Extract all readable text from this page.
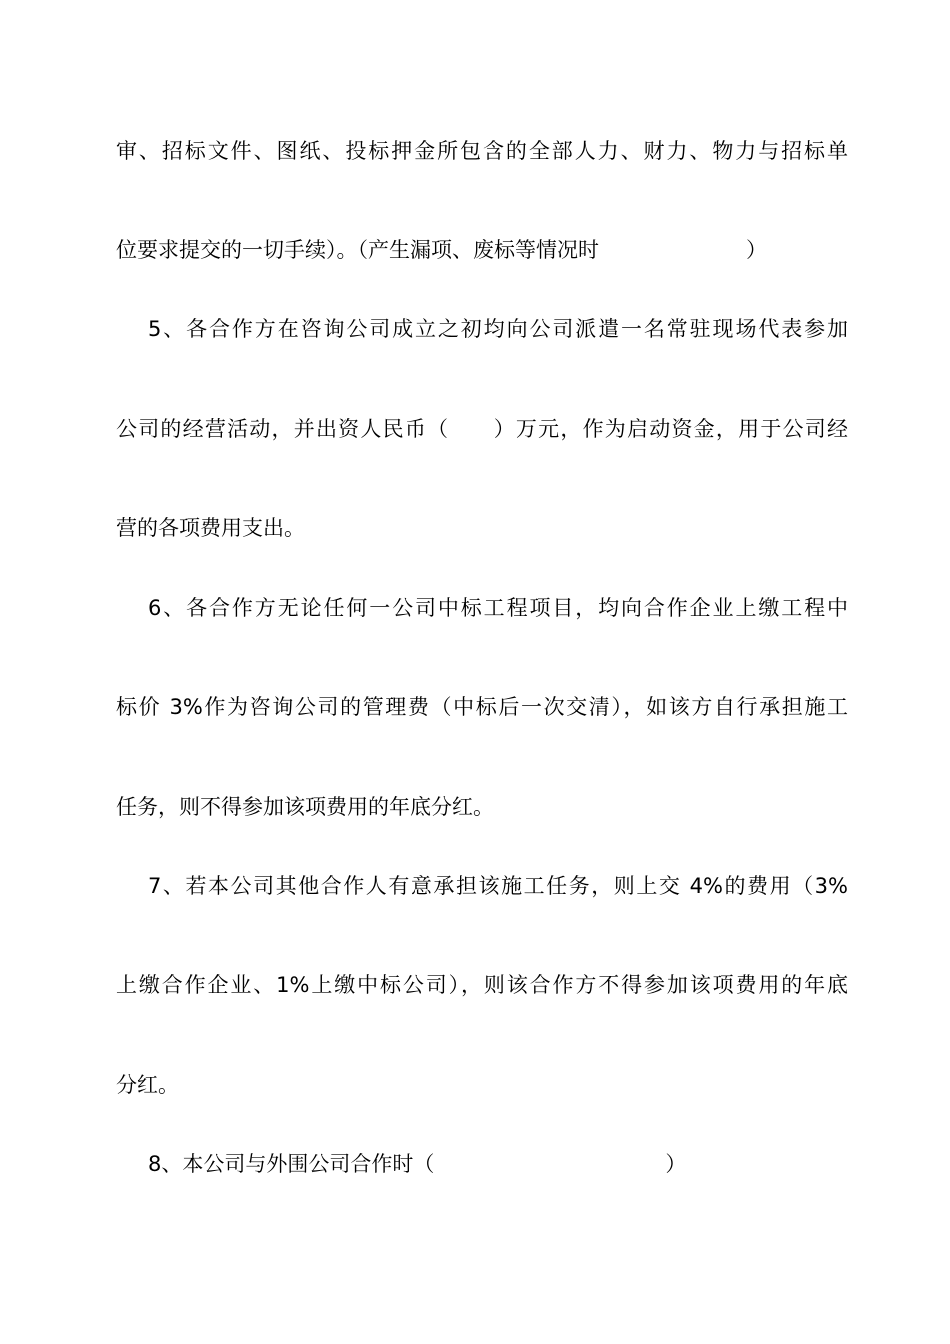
审、招标文件、图纸、投标押金所包含的全部人力、财力、物力与招标单
位要求提交的一切手续）。（产生漏项、废标等情况时　　　　　　　）
5、各合作方在咨询公司成立之初均向公司派遣一名常驻现场代表参加
公司的经营活动，并出资人民币（　　）万元，作为启动资金，用于公司经
营的各项费用支出。
6、各合作方无论任何一公司中标工程项目，均向合作企业上缴工程中
标价 3%作为咨询公司的管理费（中标后一次交清），如该方自行承担施工
任务，则不得参加该项费用的年底分红。
7、若本公司其他合作人有意承担该施工任务，则上交 4%的费用（3%
上缴合作企业、1%上缴中标公司），则该合作方不得参加该项费用的年底
分红。
8、本公司与外围公司合作时（　　　　　　　　　　　）
